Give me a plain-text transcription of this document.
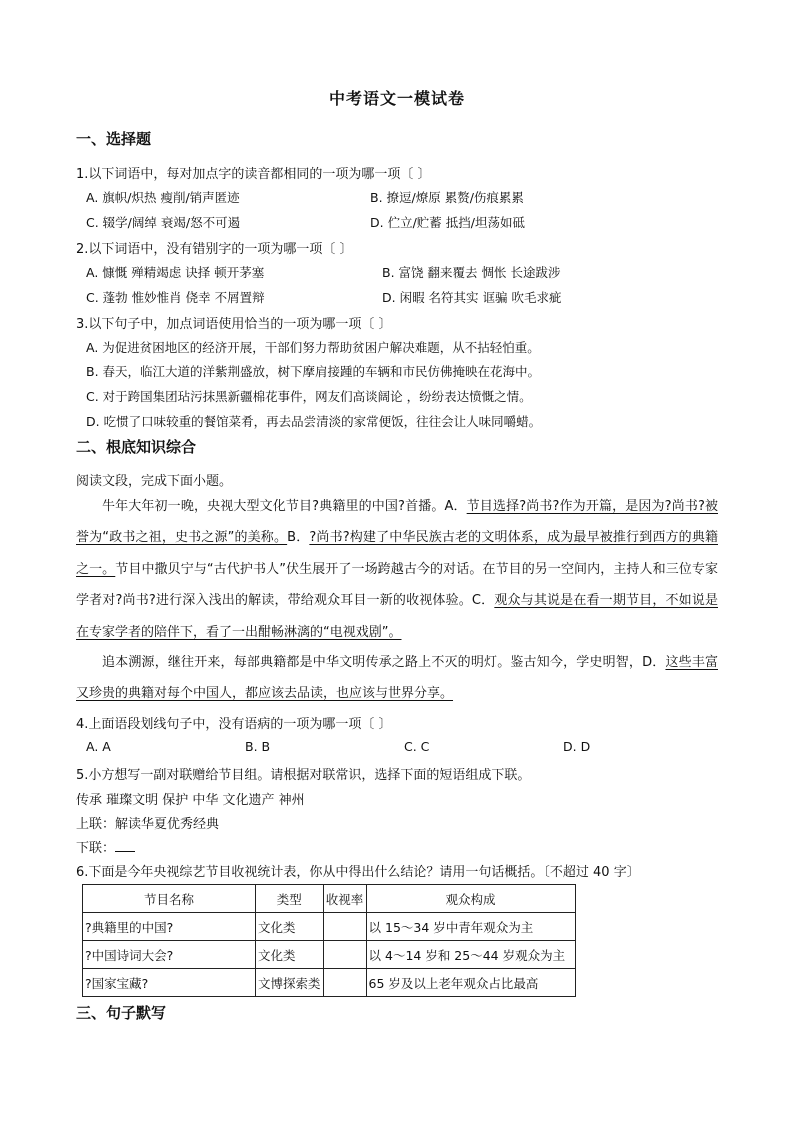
中考语文一模试卷
一、选择题
1.以下词语中，每对加点字的读音都相同的一项为哪一项〔 〕
A. 旗帜/炽热 瘦削/销声匿迹	B. 撩逗/燎原 累赘/伤痕累累
C. 辍学/阔绰 衰竭/怒不可遏	D. 伫立/贮蓄 抵挡/坦荡如砥
2.以下词语中，没有错别字的一项为哪一项〔 〕
A. 慷慨 殚精竭虑 诀择 顿开茅塞	B. 富饶 翻来覆去 惆怅 长途跋涉
C. 蓬勃 惟妙惟肖 侥幸 不屑置辩	D. 闲暇 名符其实 诓骗 吹毛求疵
3.以下句子中，加点词语使用恰当的一项为哪一项〔 〕
A. 为促进贫困地区的经济开展，干部们努力帮助贫困户解决难题，从不拈轻怕重。
B. 春天，临江大道的洋紫荆盛放，树下摩肩接踵的车辆和市民仿佛掩映在花海中。
C. 对于跨国集团玷污抹黑新疆棉花事件，网友们高谈阔论 ，纷纷表达愤慨之情。
D. 吃惯了口味较重的餐馆菜肴，再去品尝清淡的家常便饭，往往会让人味同嚼蜡。
二、根底知识综合
阅读文段，完成下面小题。
牛年大年初一晚，央视大型文化节目?典籍里的中国?首播。A．节目选择?尚书?作为开篇，是因为?尚书?被誉为“政书之祖，史书之源”的美称。B．?尚书?构建了中华民族古老的文明体系，成为最早被推行到西方的典籍之一。节目中撒贝宁与“古代护书人”伏生展开了一场跨越古今的对话。在节目的另一空间内，主持人和三位专家学者对?尚书?进行深入浅出的解读，带给观众耳目一新的收视体验。C．观众与其说是在看一期节目，不如说是在专家学者的陪伴下，看了一出酣畅淋漓的“电视戏剧”。
追本溯源，继往开来，每部典籍都是中华文明传承之路上不灭的明灯。鉴古知今，学史明智，D．这些丰富又珍贵的典籍对每个中国人，都应该去品读，也应该与世界分享。
4.上面语段划线句子中，没有语病的一项为哪一项〔 〕
A. A	B. B	C. C	D. D
5.小方想写一副对联赠给节目组。请根据对联常识，选择下面的短语组成下联。
传承 璀璨文明 保护 中华 文化遗产 神州
上联：解读华夏优秀经典
下联：
6.下面是今年央视综艺节目收视统计表，你从中得出什么结论？请用一句话概括。〔不超过 40 字〕
节目名称	类型	收视率	观众构成
?典籍里的中国?	文化类		以 15～34 岁中青年观众为主
?中国诗词大会?	文化类		以 4～14 岁和 25～44 岁观众为主
?国家宝藏?	文博探索类		65 岁及以上老年观众占比最高
三、句子默写
